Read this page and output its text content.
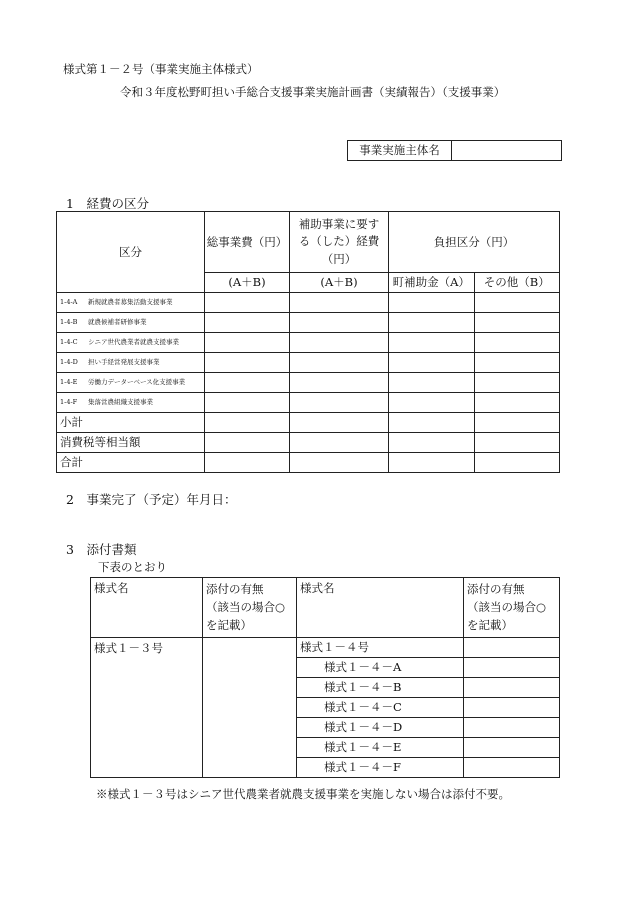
様式第１－２号（事業実施主体様式）
令和３年度松野町担い手総合支援事業実施計画書（実績報告）（支援事業）
事業実施主体名	
1　経費の区分
区分	総事業費（円）	補助事業に要す
る（した）経費
（円）	負担区分（円）	
	(A＋B)	(A＋B)	町補助金（A）	その他（B）
1-4-A 新規就農者募集活動支援事業				
1-4-B 就農候補者研修事業				
1-4-C シニア世代農業者就農支援事業				
1-4-D 担い手経営発展支援事業				
1-4-E 労働力データーベース化支援事業				
1-4-F 集落営農組織支援事業				
小計				
消費税等相当額				
合計				
2　事業完了（予定）年月日：
3　添付書類
下表のとおり
様式名	添付の有無
（該当の場合○
を記載）	様式名	添付の有無
（該当の場合○
を記載）
様式１－３号		様式１－４号	
		様式１－４－A	
		様式１－４－B	
		様式１－４－C	
		様式１－４－D	
		様式１－４－E	
		様式１－４－F	
※様式１－３号はシニア世代農業者就農支援事業を実施しない場合は添付不要。
